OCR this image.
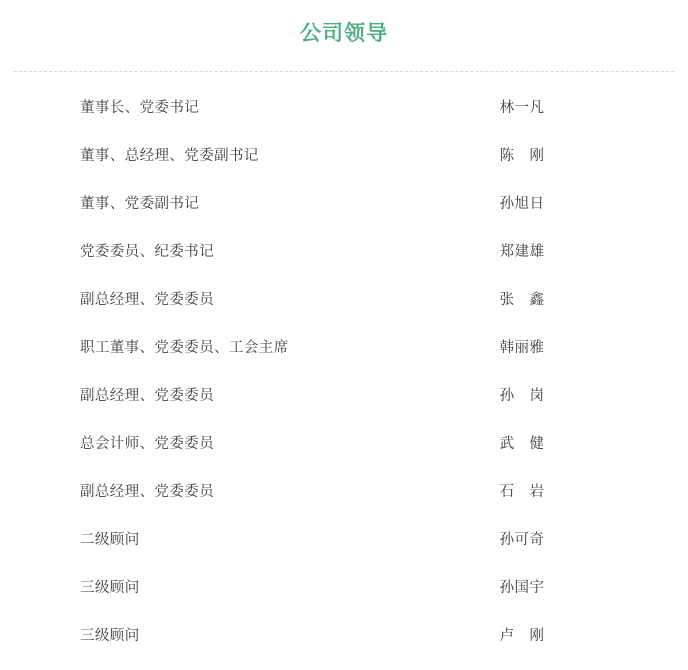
公司领导
董事长、党委书记	林一凡
董事、总经理、党委副书记	陈　刚
董事、党委副书记	孙旭日
党委委员、纪委书记	郑建雄
副总经理、党委委员	张　鑫
职工董事、党委委员、工会主席	韩丽雅
副总经理、党委委员	孙　岗
总会计师、党委委员	武　健
副总经理、党委委员	石　岩
二级顾问	孙可奇
三级顾问	孙国宇
三级顾问	卢　刚
